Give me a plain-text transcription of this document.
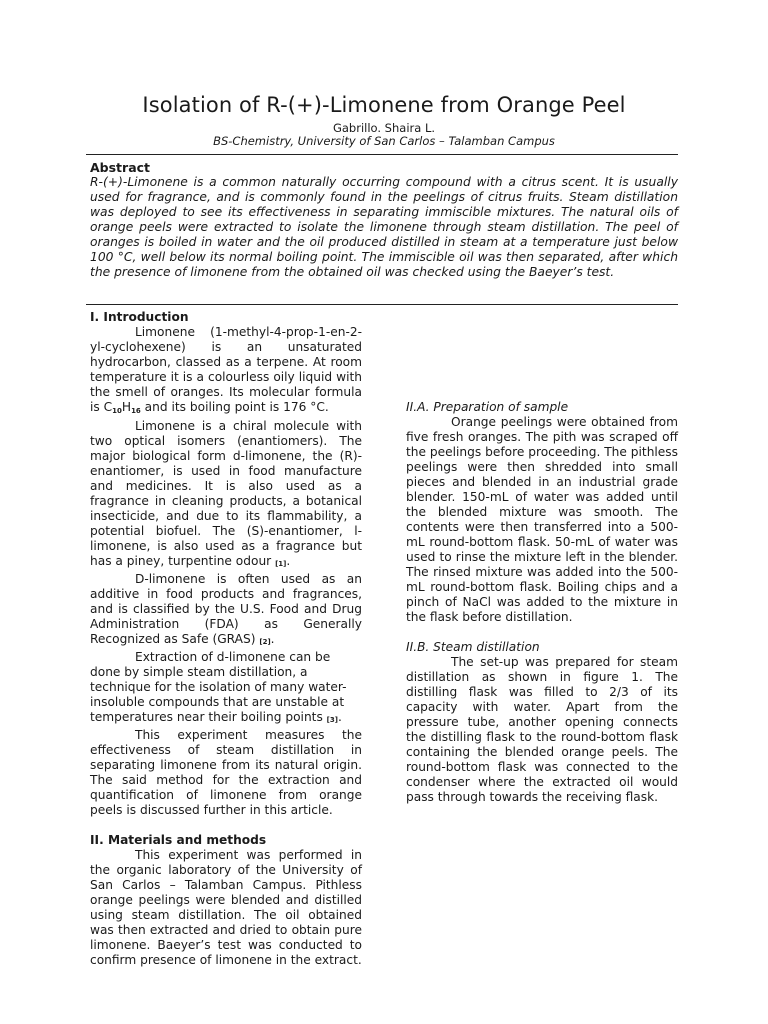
Isolation of R-(+)-Limonene from Orange Peel
Gabrillo. Shaira L.
BS-Chemistry, University of San Carlos – Talamban Campus
Abstract

R-(+)-Limonene is a common naturally occurring compound with a citrus scent. It is usually used for fragrance, and is commonly found in the peelings of citrus fruits. Steam distillation was deployed to see its effectiveness in separating immiscible mixtures. The natural oils of orange peels were extracted to isolate the limonene through steam distillation. The peel of oranges is boiled in water and the oil produced distilled in steam at a temperature just below 100 °C, well below its normal boiling point. The immiscible oil was then separated, after which the presence of limonene from the obtained oil was checked using the Baeyer’s test.

I. Introduction

Limonene (1-methyl-4-prop-1-en-2-yl-cyclohexene) is an unsaturated hydrocarbon, classed as a terpene. At room temperature it is a colourless oily liquid with the smell of oranges. Its molecular formula is C10H16 and its boiling point is 176 °C.

Limonene is a chiral molecule with two optical isomers (enantiomers). The major biological form d-limonene, the (R)-enantiomer, is used in food manufacture and medicines. It is also used as a fragrance in cleaning products, a botanical insecticide, and due to its flammability, a potential biofuel. The (S)-enantiomer, l-limonene, is also used as a fragrance but has a piney, turpentine odour [1].

D-limonene is often used as an additive in food products and fragrances, and is classified by the U.S. Food and Drug Administration (FDA) as Generally Recognized as Safe (GRAS) [2].

Extraction of d-limonene can be done by simple steam distillation, a technique for the isolation of many water-insoluble compounds that are unstable at temperatures near their boiling points [3].

This experiment measures the effectiveness of steam distillation in separating limonene from its natural origin. The said method for the extraction and quantification of limonene from orange peels is discussed further in this article.

II. Materials and methods

This experiment was performed in the organic laboratory of the University of San Carlos – Talamban Campus. Pithless orange peelings were blended and distilled using steam distillation. The oil obtained was then extracted and dried to obtain pure limonene. Baeyer’s test was conducted to confirm presence of limonene in the extract.

II.A. Preparation of sample

Orange peelings were obtained from five fresh oranges. The pith was scraped off the peelings before proceeding. The pithless peelings were then shredded into small pieces and blended in an industrial grade blender. 150-mL of water was added until the blended mixture was smooth. The contents were then transferred into a 500-mL round-bottom flask. 50-mL of water was used to rinse the mixture left in the blender. The rinsed mixture was added into the 500-mL round-bottom flask. Boiling chips and a pinch of NaCl was added to the mixture in the flask before distillation.

II.B. Steam distillation

The set-up was prepared for steam distillation as shown in figure 1. The distilling flask was filled to 2/3 of its capacity with water. Apart from the pressure tube, another opening connects the distilling flask to the round-bottom flask containing the blended orange peels. The round-bottom flask was connected to the condenser where the extracted oil would pass through towards the receiving flask.
